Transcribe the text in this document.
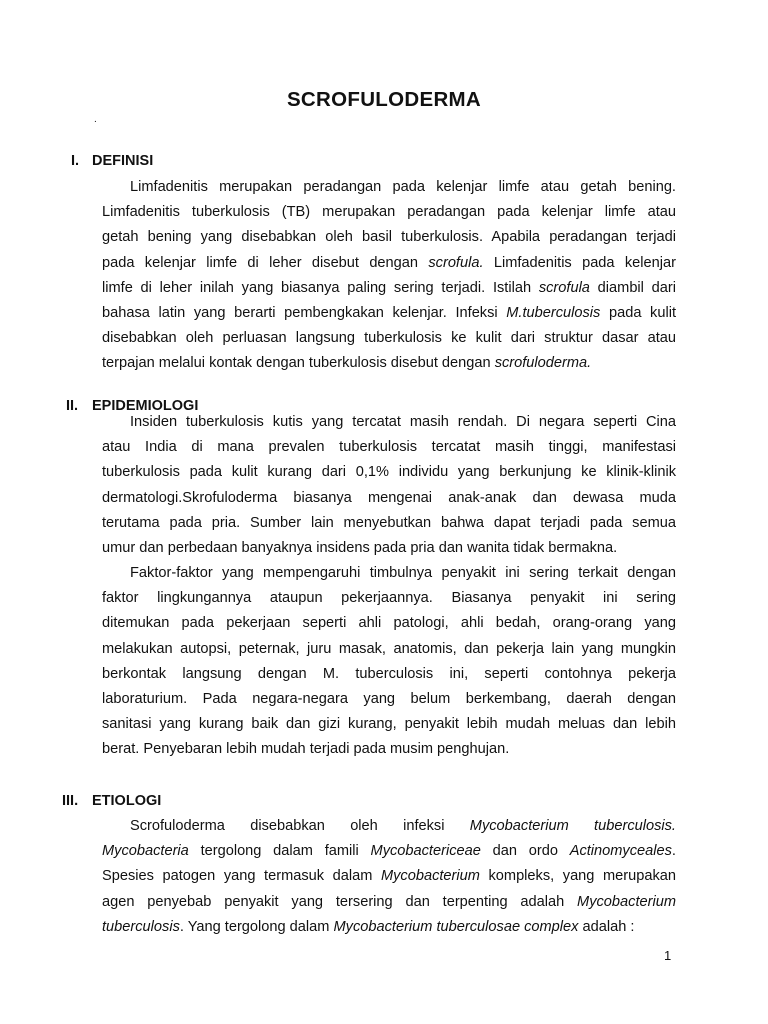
SCROFULODERMA
.
I. DEFINISI
Limfadenitis merupakan peradangan pada kelenjar limfe atau getah bening.
Limfadenitis tuberkulosis (TB) merupakan peradangan pada kelenjar limfe atau
getah bening yang disebabkan oleh basil tuberkulosis. Apabila peradangan terjadi
pada kelenjar limfe di leher disebut dengan scrofula. Limfadenitis pada kelenjar
limfe di leher inilah yang biasanya paling sering terjadi. Istilah scrofula diambil dari
bahasa latin yang berarti pembengkakan kelenjar. Infeksi M.tuberculosis pada kulit
disebabkan oleh perluasan langsung tuberkulosis ke kulit dari struktur dasar atau
terpajan melalui kontak dengan tuberkulosis disebut dengan scrofuloderma.
II. EPIDEMIOLOGI
Insiden tuberkulosis kutis yang tercatat masih rendah. Di negara seperti Cina
atau India di mana prevalen tuberkulosis tercatat masih tinggi, manifestasi
tuberkulosis pada kulit kurang dari 0,1% individu yang berkunjung ke klinik-klinik
dermatologi.Skrofuloderma biasanya mengenai anak-anak dan dewasa muda
terutama pada pria. Sumber lain menyebutkan bahwa dapat terjadi pada semua
umur dan perbedaan banyaknya insidens pada pria dan wanita tidak bermakna.
Faktor-faktor yang mempengaruhi timbulnya penyakit ini sering terkait dengan
faktor lingkungannya ataupun pekerjaannya. Biasanya penyakit ini sering
ditemukan pada pekerjaan seperti ahli patologi, ahli bedah, orang-orang yang
melakukan autopsi, peternak, juru masak, anatomis, dan pekerja lain yang mungkin
berkontak langsung dengan M. tuberculosis ini, seperti contohnya pekerja
laboraturium. Pada negara-negara yang belum berkembang, daerah dengan
sanitasi yang kurang baik dan gizi kurang, penyakit lebih mudah meluas dan lebih
berat. Penyebaran lebih mudah terjadi pada musim penghujan.
III. ETIOLOGI
Scrofuloderma disebabkan oleh infeksi Mycobacterium tuberculosis.
Mycobacteria tergolong dalam famili Mycobactericeae dan ordo Actinomyceales.
Spesies patogen yang termasuk dalam Mycobacterium kompleks, yang merupakan
agen penyebab penyakit yang tersering dan terpenting adalah Mycobacterium
tuberculosis. Yang tergolong dalam Mycobacterium tuberculosae complex adalah :
1
